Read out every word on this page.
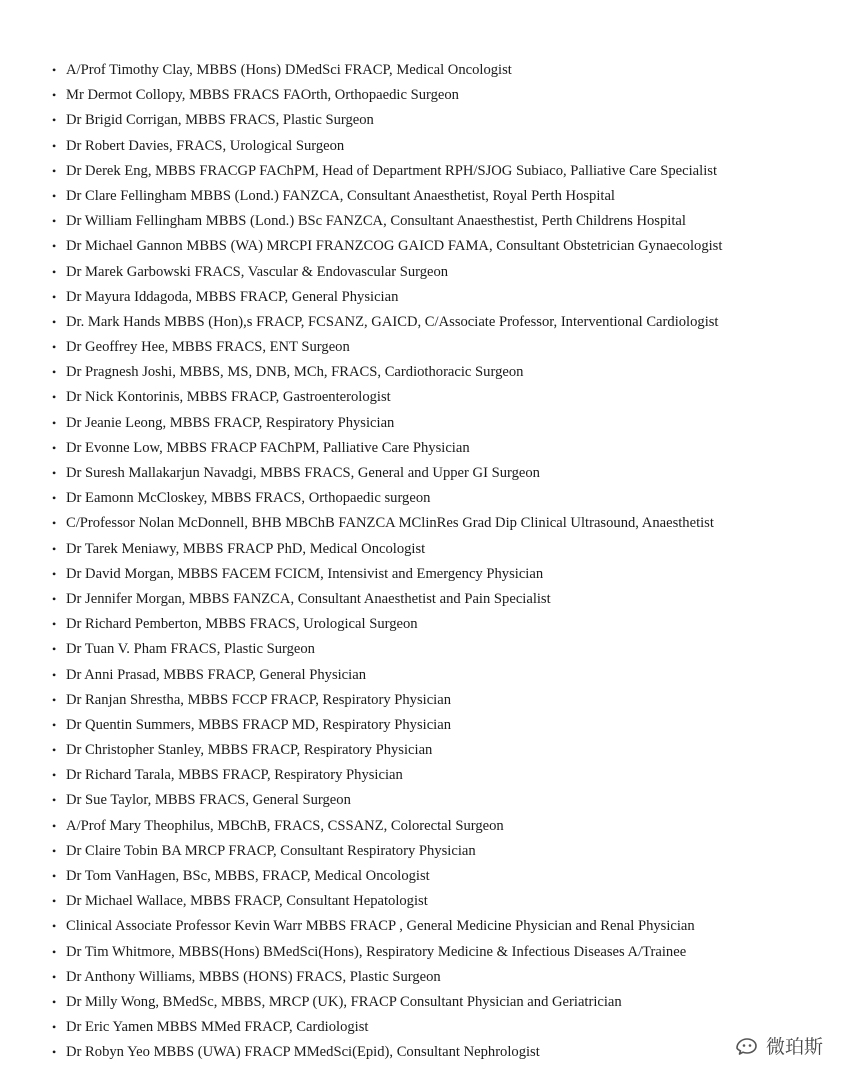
• A/Prof Timothy Clay, MBBS (Hons) DMedSci FRACP, Medical Oncologist
• Mr Dermot Collopy, MBBS FRACS FAOrth, Orthopaedic Surgeon
• Dr Brigid Corrigan, MBBS FRACS, Plastic Surgeon
• Dr Robert Davies, FRACS, Urological Surgeon
• Dr Derek Eng, MBBS FRACGP FAChPM, Head of Department RPH/SJOG Subiaco, Palliative Care Specialist
• Dr Clare Fellingham MBBS (Lond.) FANZCA, Consultant Anaesthetist, Royal Perth Hospital
• Dr William Fellingham MBBS (Lond.) BSc FANZCA, Consultant Anaesthestist, Perth Childrens Hospital
• Dr Michael Gannon MBBS (WA) MRCPI FRANZCOG GAICD FAMA, Consultant Obstetrician Gynaecologist
• Dr Marek Garbowski FRACS, Vascular & Endovascular Surgeon
• Dr Mayura Iddagoda, MBBS FRACP, General Physician
• Dr. Mark Hands MBBS (Hon),s FRACP, FCSANZ, GAICD, C/Associate Professor, Interventional Cardiologist
• Dr Geoffrey Hee, MBBS FRACS, ENT Surgeon
• Dr Pragnesh Joshi, MBBS, MS, DNB, MCh, FRACS, Cardiothoracic Surgeon
• Dr Nick Kontorinis, MBBS FRACP, Gastroenterologist
• Dr Jeanie Leong, MBBS FRACP, Respiratory Physician
• Dr Evonne Low, MBBS FRACP FAChPM, Palliative Care Physician
• Dr Suresh Mallakarjun Navadgi, MBBS FRACS, General and Upper GI Surgeon
• Dr Eamonn McCloskey, MBBS FRACS, Orthopaedic surgeon
• C/Professor Nolan McDonnell, BHB MBChB FANZCA MClinRes Grad Dip Clinical Ultrasound, Anaesthetist
• Dr Tarek Meniawy, MBBS FRACP PhD, Medical Oncologist
• Dr David Morgan, MBBS FACEM FCICM, Intensivist and Emergency Physician
• Dr Jennifer Morgan, MBBS FANZCA, Consultant Anaesthetist and Pain Specialist
• Dr Richard Pemberton, MBBS FRACS, Urological Surgeon
• Dr Tuan V. Pham FRACS, Plastic Surgeon
• Dr Anni Prasad, MBBS FRACP, General Physician
• Dr Ranjan Shrestha, MBBS FCCP FRACP, Respiratory Physician
• Dr Quentin Summers, MBBS FRACP MD, Respiratory Physician
• Dr Christopher Stanley, MBBS FRACP, Respiratory Physician
• Dr Richard Tarala, MBBS FRACP, Respiratory Physician
• Dr Sue Taylor, MBBS FRACS, General Surgeon
• A/Prof Mary Theophilus, MBChB, FRACS, CSSANZ, Colorectal Surgeon
• Dr Claire Tobin BA MRCP FRACP, Consultant Respiratory Physician
• Dr Tom VanHagen, BSc, MBBS, FRACP, Medical Oncologist
• Dr Michael Wallace, MBBS FRACP, Consultant Hepatologist
• Clinical Associate Professor Kevin Warr MBBS FRACP , General Medicine Physician and Renal Physician
• Dr Tim Whitmore, MBBS(Hons) BMedSci(Hons), Respiratory Medicine & Infectious Diseases A/Trainee
• Dr Anthony Williams, MBBS (HONS) FRACS, Plastic Surgeon
• Dr Milly Wong, BMedSc, MBBS, MRCP (UK), FRACP Consultant Physician and Geriatrician
• Dr Eric Yamen MBBS MMed FRACP, Cardiologist
• Dr Robyn Yeo MBBS (UWA) FRACP MMedSci(Epid), Consultant Nephrologist	微珀斯
